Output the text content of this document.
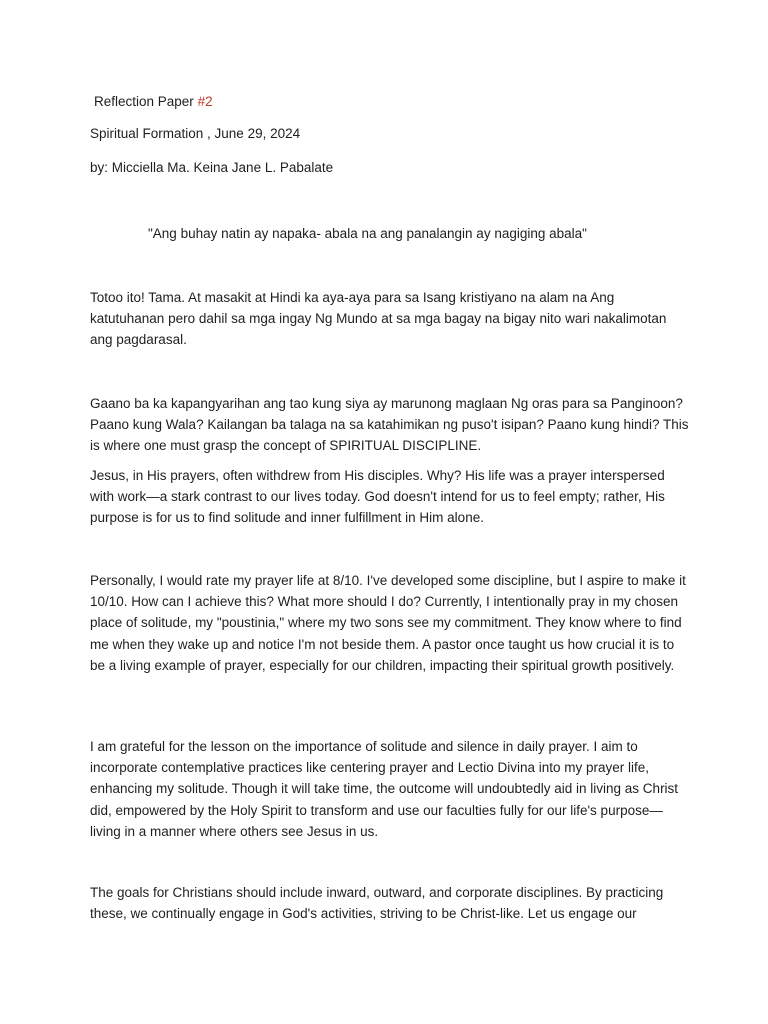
Reflection Paper #2
Spiritual Formation , June 29, 2024
by: Micciella Ma. Keina Jane L. Pabalate
"Ang buhay natin ay napaka- abala na ang panalangin ay nagiging abala"
Totoo ito! Tama. At masakit at Hindi ka aya-aya para sa Isang kristiyano na alam na Ang katutuhanan pero dahil sa mga ingay Ng Mundo at sa mga bagay na bigay nito wari nakalimotan ang pagdarasal.
Gaano ba ka kapangyarihan ang tao kung siya ay marunong maglaan Ng oras para sa Panginoon?Paano kung Wala? Kailangan ba talaga na sa katahimikan ng puso't isipan? Paano kung hindi? This is where one must grasp the concept of SPIRITUAL DISCIPLINE.
Jesus, in His prayers, often withdrew from His disciples. Why? His life was a prayer interspersed with work—a stark contrast to our lives today. God doesn't intend for us to feel empty; rather, His purpose is for us to find solitude and inner fulfillment in Him alone.
Personally, I would rate my prayer life at 8/10. I've developed some discipline, but I aspire to make it 10/10. How can I achieve this? What more should I do? Currently, I intentionally pray in my chosen place of solitude, my "poustinia," where my two sons see my commitment. They know where to find me when they wake up and notice I'm not beside them. A pastor once taught us how crucial it is to be a living example of prayer, especially for our children, impacting their spiritual growth positively.
I am grateful for the lesson on the importance of solitude and silence in daily prayer. I aim to incorporate contemplative practices like centering prayer and Lectio Divina into my prayer life, enhancing my solitude. Though it will take time, the outcome will undoubtedly aid in living as Christ did, empowered by the Holy Spirit to transform and use our faculties fully for our life's purpose—living in a manner where others see Jesus in us.
The goals for Christians should include inward, outward, and corporate disciplines. By practicing these, we continually engage in God's activities, striving to be Christ-like. Let us engage our
